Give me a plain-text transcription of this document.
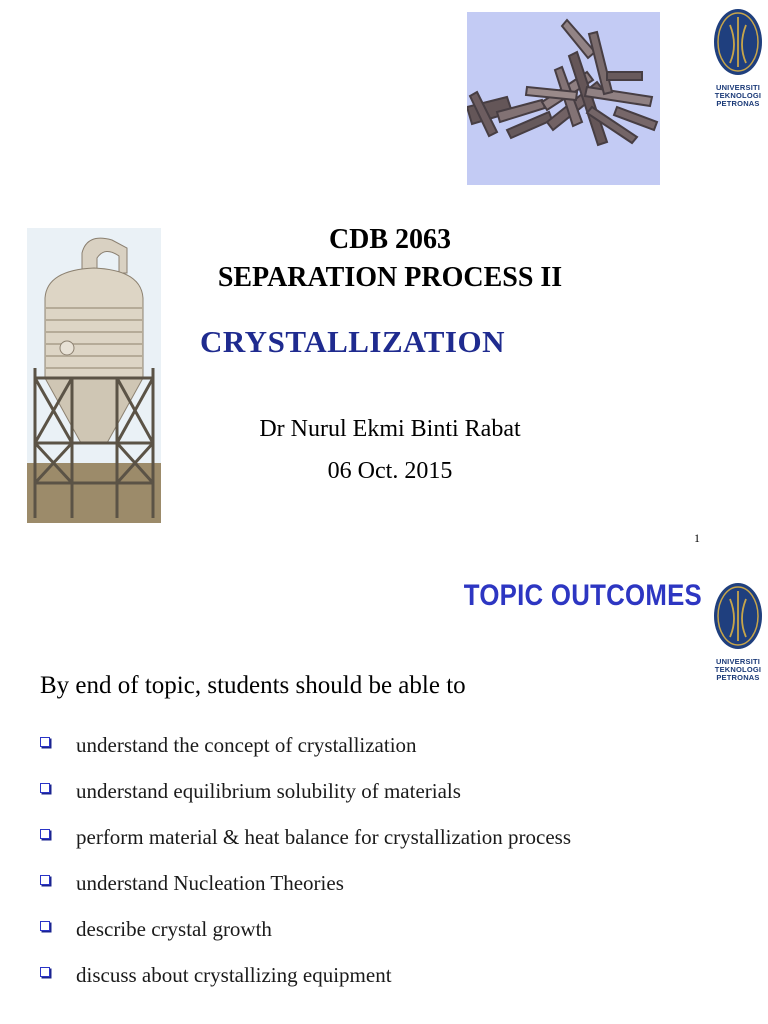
UNIVERSITI
TEKNOLOGI
PETRONAS
CDB 2063
SEPARATION PROCESS II
CRYSTALLIZATION
Dr Nurul Ekmi Binti Rabat
06 Oct. 2015
1
TOPIC OUTCOMES
UNIVERSITI
TEKNOLOGI
PETRONAS
By end of topic, students should be able to
understand the concept of crystallization
understand equilibrium solubility of materials
perform material & heat balance for crystallization process
understand Nucleation Theories
describe crystal growth
discuss about crystallizing equipment
